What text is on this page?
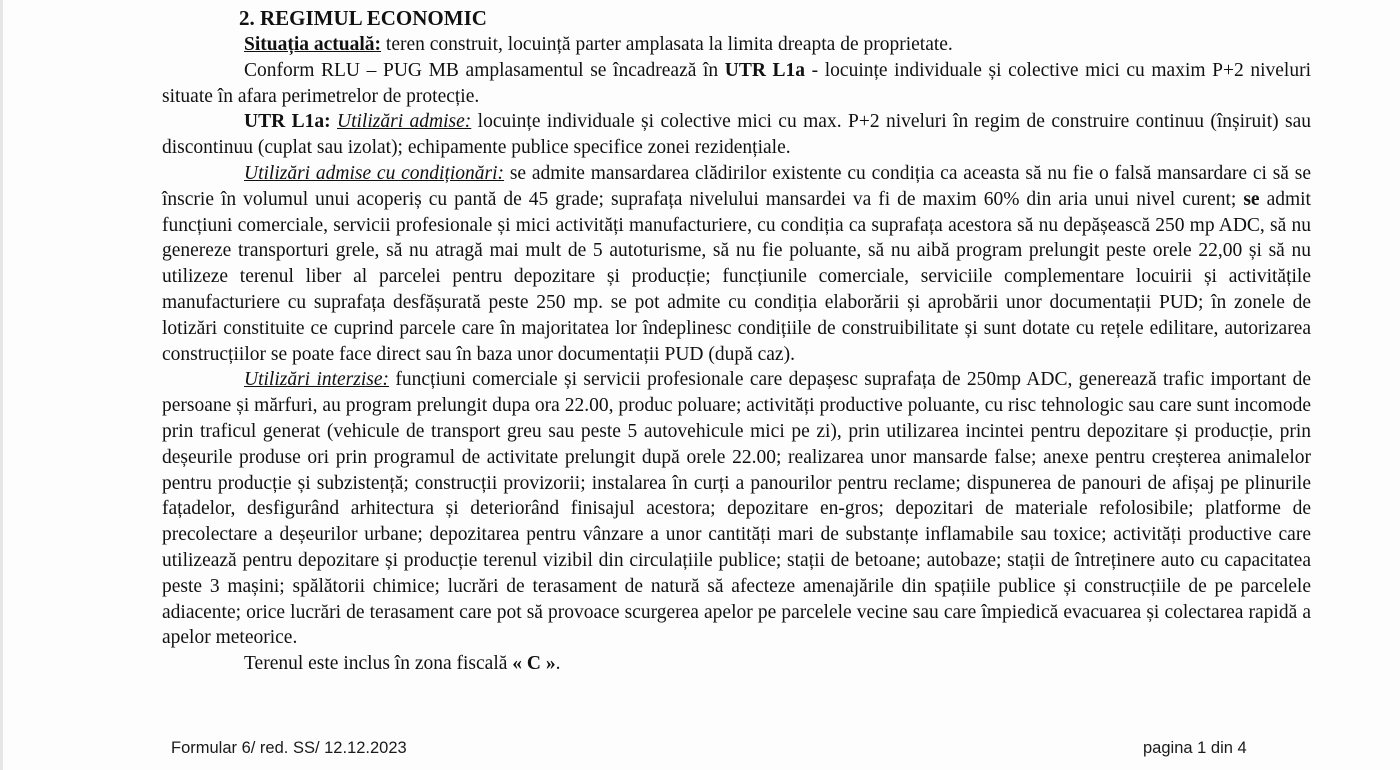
2. REGIMUL ECONOMIC

Situația actuală: teren construit, locuință parter amplasata la limita dreapta de proprietate.

Conform RLU – PUG MB amplasamentul se încadrează în UTR L1a - locuințe individuale și colective mici cu maxim P+2 niveluri situate în afara perimetrelor de protecție.

UTR L1a: Utilizări admise: locuințe individuale și colective mici cu max. P+2 niveluri în regim de construire continuu (înșiruit) sau discontinuu (cuplat sau izolat); echipamente publice specifice zonei rezidențiale.

Utilizări admise cu condiționări: se admite mansardarea clădirilor existente cu condiția ca aceasta să nu fie o falsă mansardare ci să se înscrie în volumul unui acoperiș cu pantă de 45 grade; suprafața nivelului mansardei va fi de maxim 60% din aria unui nivel curent; se admit funcțiuni comerciale, servicii profesionale și mici activități manufacturiere, cu condiția ca suprafața acestora să nu depășească 250 mp ADC, să nu genereze transporturi grele, să nu atragă mai mult de 5 autoturisme, să nu fie poluante, să nu aibă program prelungit peste orele 22,00 și să nu utilizeze terenul liber al parcelei pentru depozitare și producție; funcțiunile comerciale, serviciile complementare locuirii și activitățile manufacturiere cu suprafața desfășurată peste 250 mp. se pot admite cu condiția elaborării și aprobării unor documentații PUD; în zonele de lotizări constituite ce cuprind parcele care în majoritatea lor îndeplinesc condițiile de construibilitate și sunt dotate cu rețele edilitare, autorizarea construcțiilor se poate face direct sau în baza unor documentații PUD (după caz).

Utilizări interzise: funcțiuni comerciale și servicii profesionale care depașesc suprafața de 250mp ADC, generează trafic important de persoane și mărfuri, au program prelungit dupa ora 22.00, produc poluare; activități productive poluante, cu risc tehnologic sau care sunt incomode prin traficul generat (vehicule de transport greu sau peste 5 autovehicule mici pe zi), prin utilizarea incintei pentru depozitare și producție, prin deșeurile produse ori prin programul de activitate prelungit după orele 22.00; realizarea unor mansarde false; anexe pentru creșterea animalelor pentru producție și subzistență; construcții provizorii; instalarea în curți a panourilor pentru reclame; dispunerea de panouri de afișaj pe plinurile fațadelor, desfigurând arhitectura și deteriorând finisajul acestora; depozitare en-gros; depozitari de materiale refolosibile; platforme de precolectare a deșeurilor urbane; depozitarea pentru vânzare a unor cantități mari de substanțe inflamabile sau toxice; activități productive care utilizează pentru depozitare și producție terenul vizibil din circulațiile publice; stații de betoane; autobaze; stații de întreținere auto cu capacitatea peste 3 mașini; spălătorii chimice; lucrări de terasament de natură să afecteze amenajările din spațiile publice și construcțiile de pe parcelele adiacente; orice lucrări de terasament care pot să provoace scurgerea apelor pe parcelele vecine sau care împiedică evacuarea și colectarea rapidă a apelor meteorice.

Terenul este inclus în zona fiscală « C ».

Formular 6/ red. SS/ 12.12.2023	pagina 1 din 4
